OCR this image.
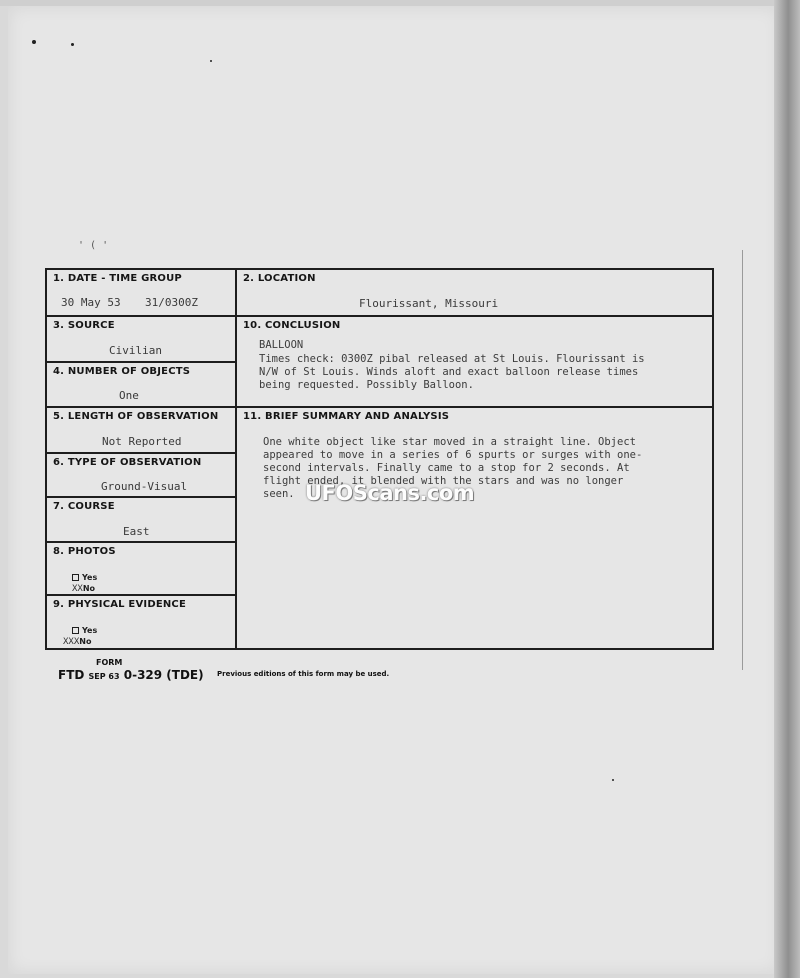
' ( '
1. DATE - TIME GROUP
30 May 53 31/0300Z
3. SOURCE
Civilian
4. NUMBER OF OBJECTS
One
5. LENGTH OF OBSERVATION
Not Reported
6. TYPE OF OBSERVATION
Ground-Visual
7. COURSE
East
8. PHOTOS
Yes
XXNo
9. PHYSICAL EVIDENCE
Yes
XXXNo
2. LOCATION
Flourissant, Missouri
10. CONCLUSION
BALLOON
Times check: 0300Z pibal released at St Louis. Flourissant is
N/W of St Louis. Winds aloft and exact balloon release times
being requested. Possibly Balloon.
11. BRIEF SUMMARY AND ANALYSIS
One white object like star moved in a straight line. Object
appeared to move in a series of 6 spurts or surges with one-
second intervals. Finally came to a stop for 2 seconds. At
flight ended, it blended with the stars and was no longer
seen. UFOScans.com
FORM
FTD SEP 63 0-329 (TDE) Previous editions of this form may be used.
